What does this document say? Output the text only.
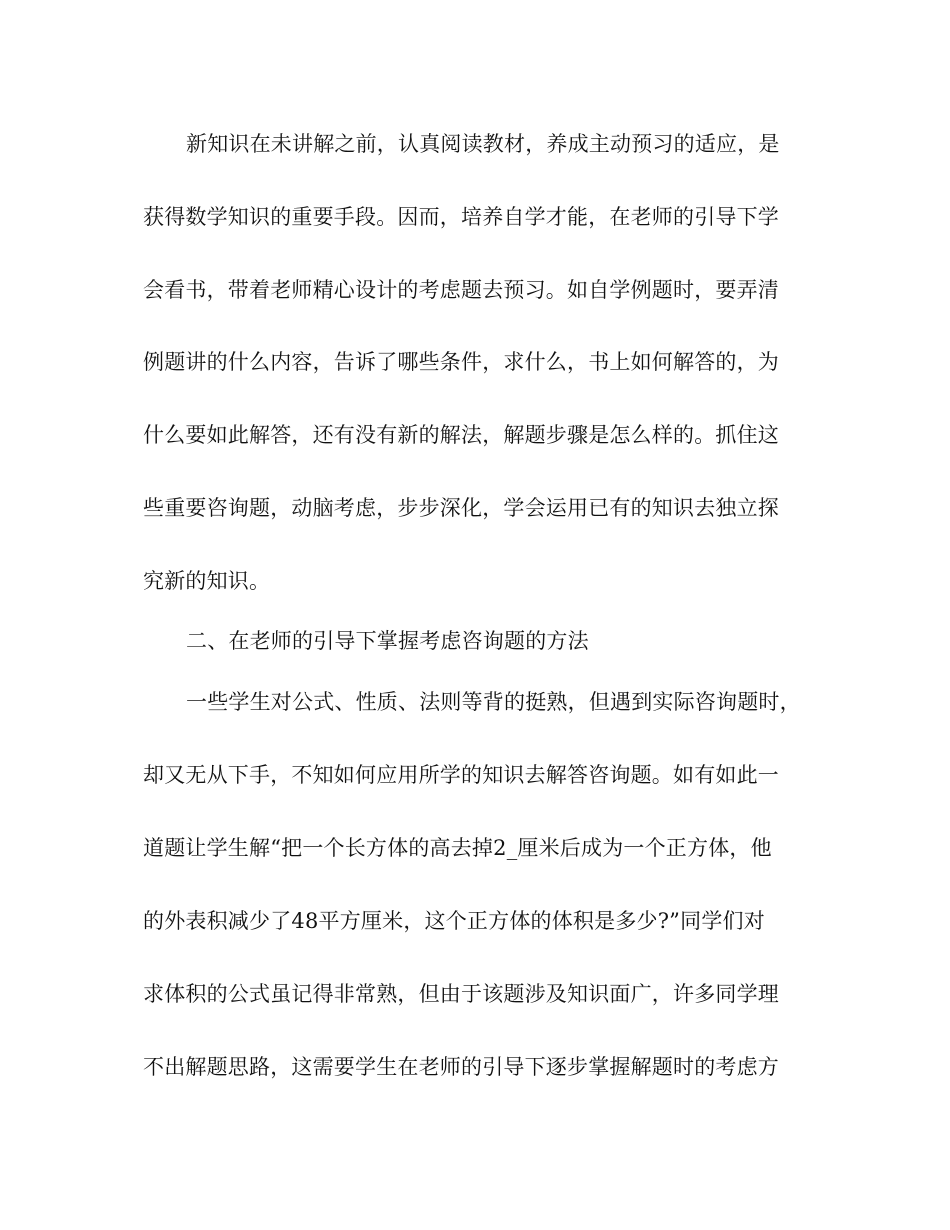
新知识在未讲解之前，认真阅读教材，养成主动预习的适应，是
获得数学知识的重要手段。因而，培养自学才能，在老师的引导下学
会看书，带着老师精心设计的考虑题去预习。如自学例题时，要弄清
例题讲的什么内容，告诉了哪些条件，求什么，书上如何解答的，为
什么要如此解答，还有没有新的解法，解题步骤是怎么样的。抓住这
些重要咨询题，动脑考虑，步步深化，学会运用已有的知识去独立探
究新的知识。
二、在老师的引导下掌握考虑咨询题的方法
一些学生对公式、性质、法则等背的挺熟，但遇到实际咨询题时，
却又无从下手，不知如何应用所学的知识去解答咨询题。如有如此一
道题让学生解“把一个长方体的高去掉2_厘米后成为一个正方体，他
的外表积减少了48平方厘米，这个正方体的体积是多少?”同学们对
求体积的公式虽记得非常熟，但由于该题涉及知识面广，许多同学理
不出解题思路，这需要学生在老师的引导下逐步掌握解题时的考虑方
